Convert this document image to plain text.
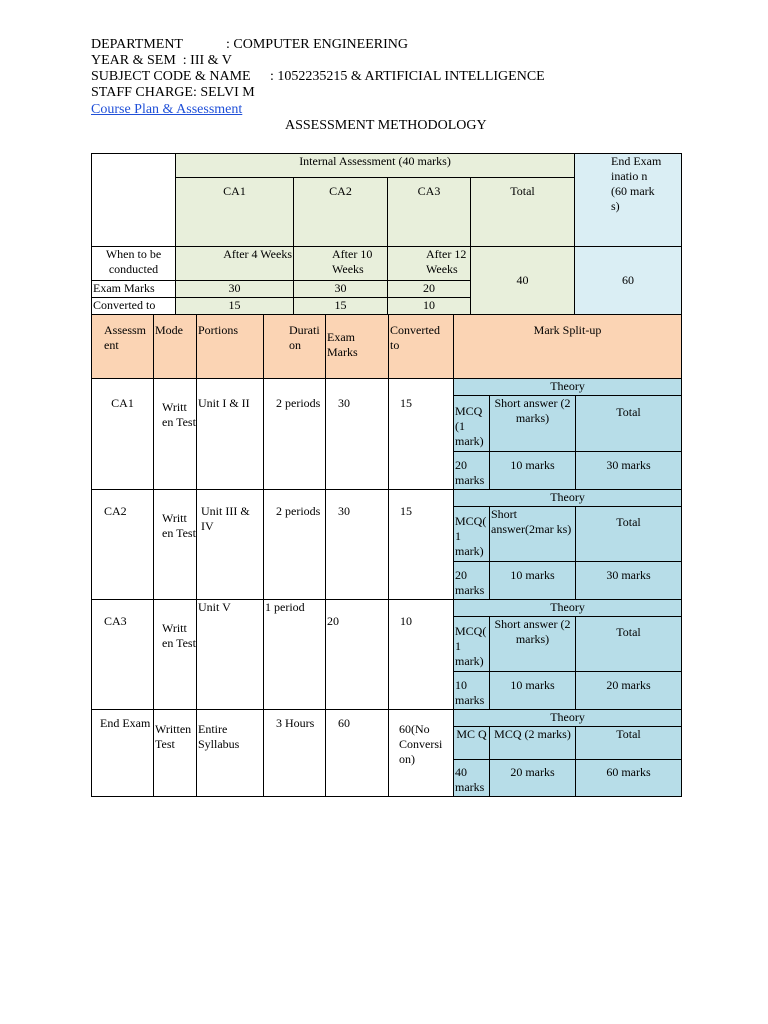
DEPARTMENT	: COMPUTER ENGINEERING
YEAR & SEM  : III & V
SUBJECT CODE & NAME : 1052235215 & ARTIFICIAL INTELLIGENCE
STAFF CHARGE: SELVI M
Course Plan & Assessment
ASSESSMENT METHODOLOGY
	Internal Assessment (40 marks)				End Exam inatio n (60 mark s)
	CA1	CA2	CA3	Total	
When to be conducted	After 4 Weeks	After 10 Weeks	After 12 Weeks	40	60
Exam Marks	30	30	20		
Converted to	15	15	10		
Assessm ent	Mode	Portions	Durati on	Exam Marks	Converted to	Mark Split-up		
CA1	Writt en Test	Unit I & II	2 periods	30	15	Theory		
						MCQ (1 mark)	Short answer (2 marks)	Total
						20 marks	10 marks	30 marks
CA2	Writt en Test	Unit III & IV	2 periods	30	15	Theory		
						MCQ( 1 mark)	Short answer(2mar ks)	Total
						20 marks	10 marks	30 marks
CA3	Writt en Test	Unit V	1 period	20	10	Theory		
						MCQ( 1 mark)	Short answer (2 marks)	Total
						10 marks	10 marks	20 marks
End Exam	Written Test	Entire Syllabus	3 Hours	60	60(No Conversi on)	Theory		
						MC Q	MCQ (2 marks)	Total
						40 marks	20 marks	60 marks
